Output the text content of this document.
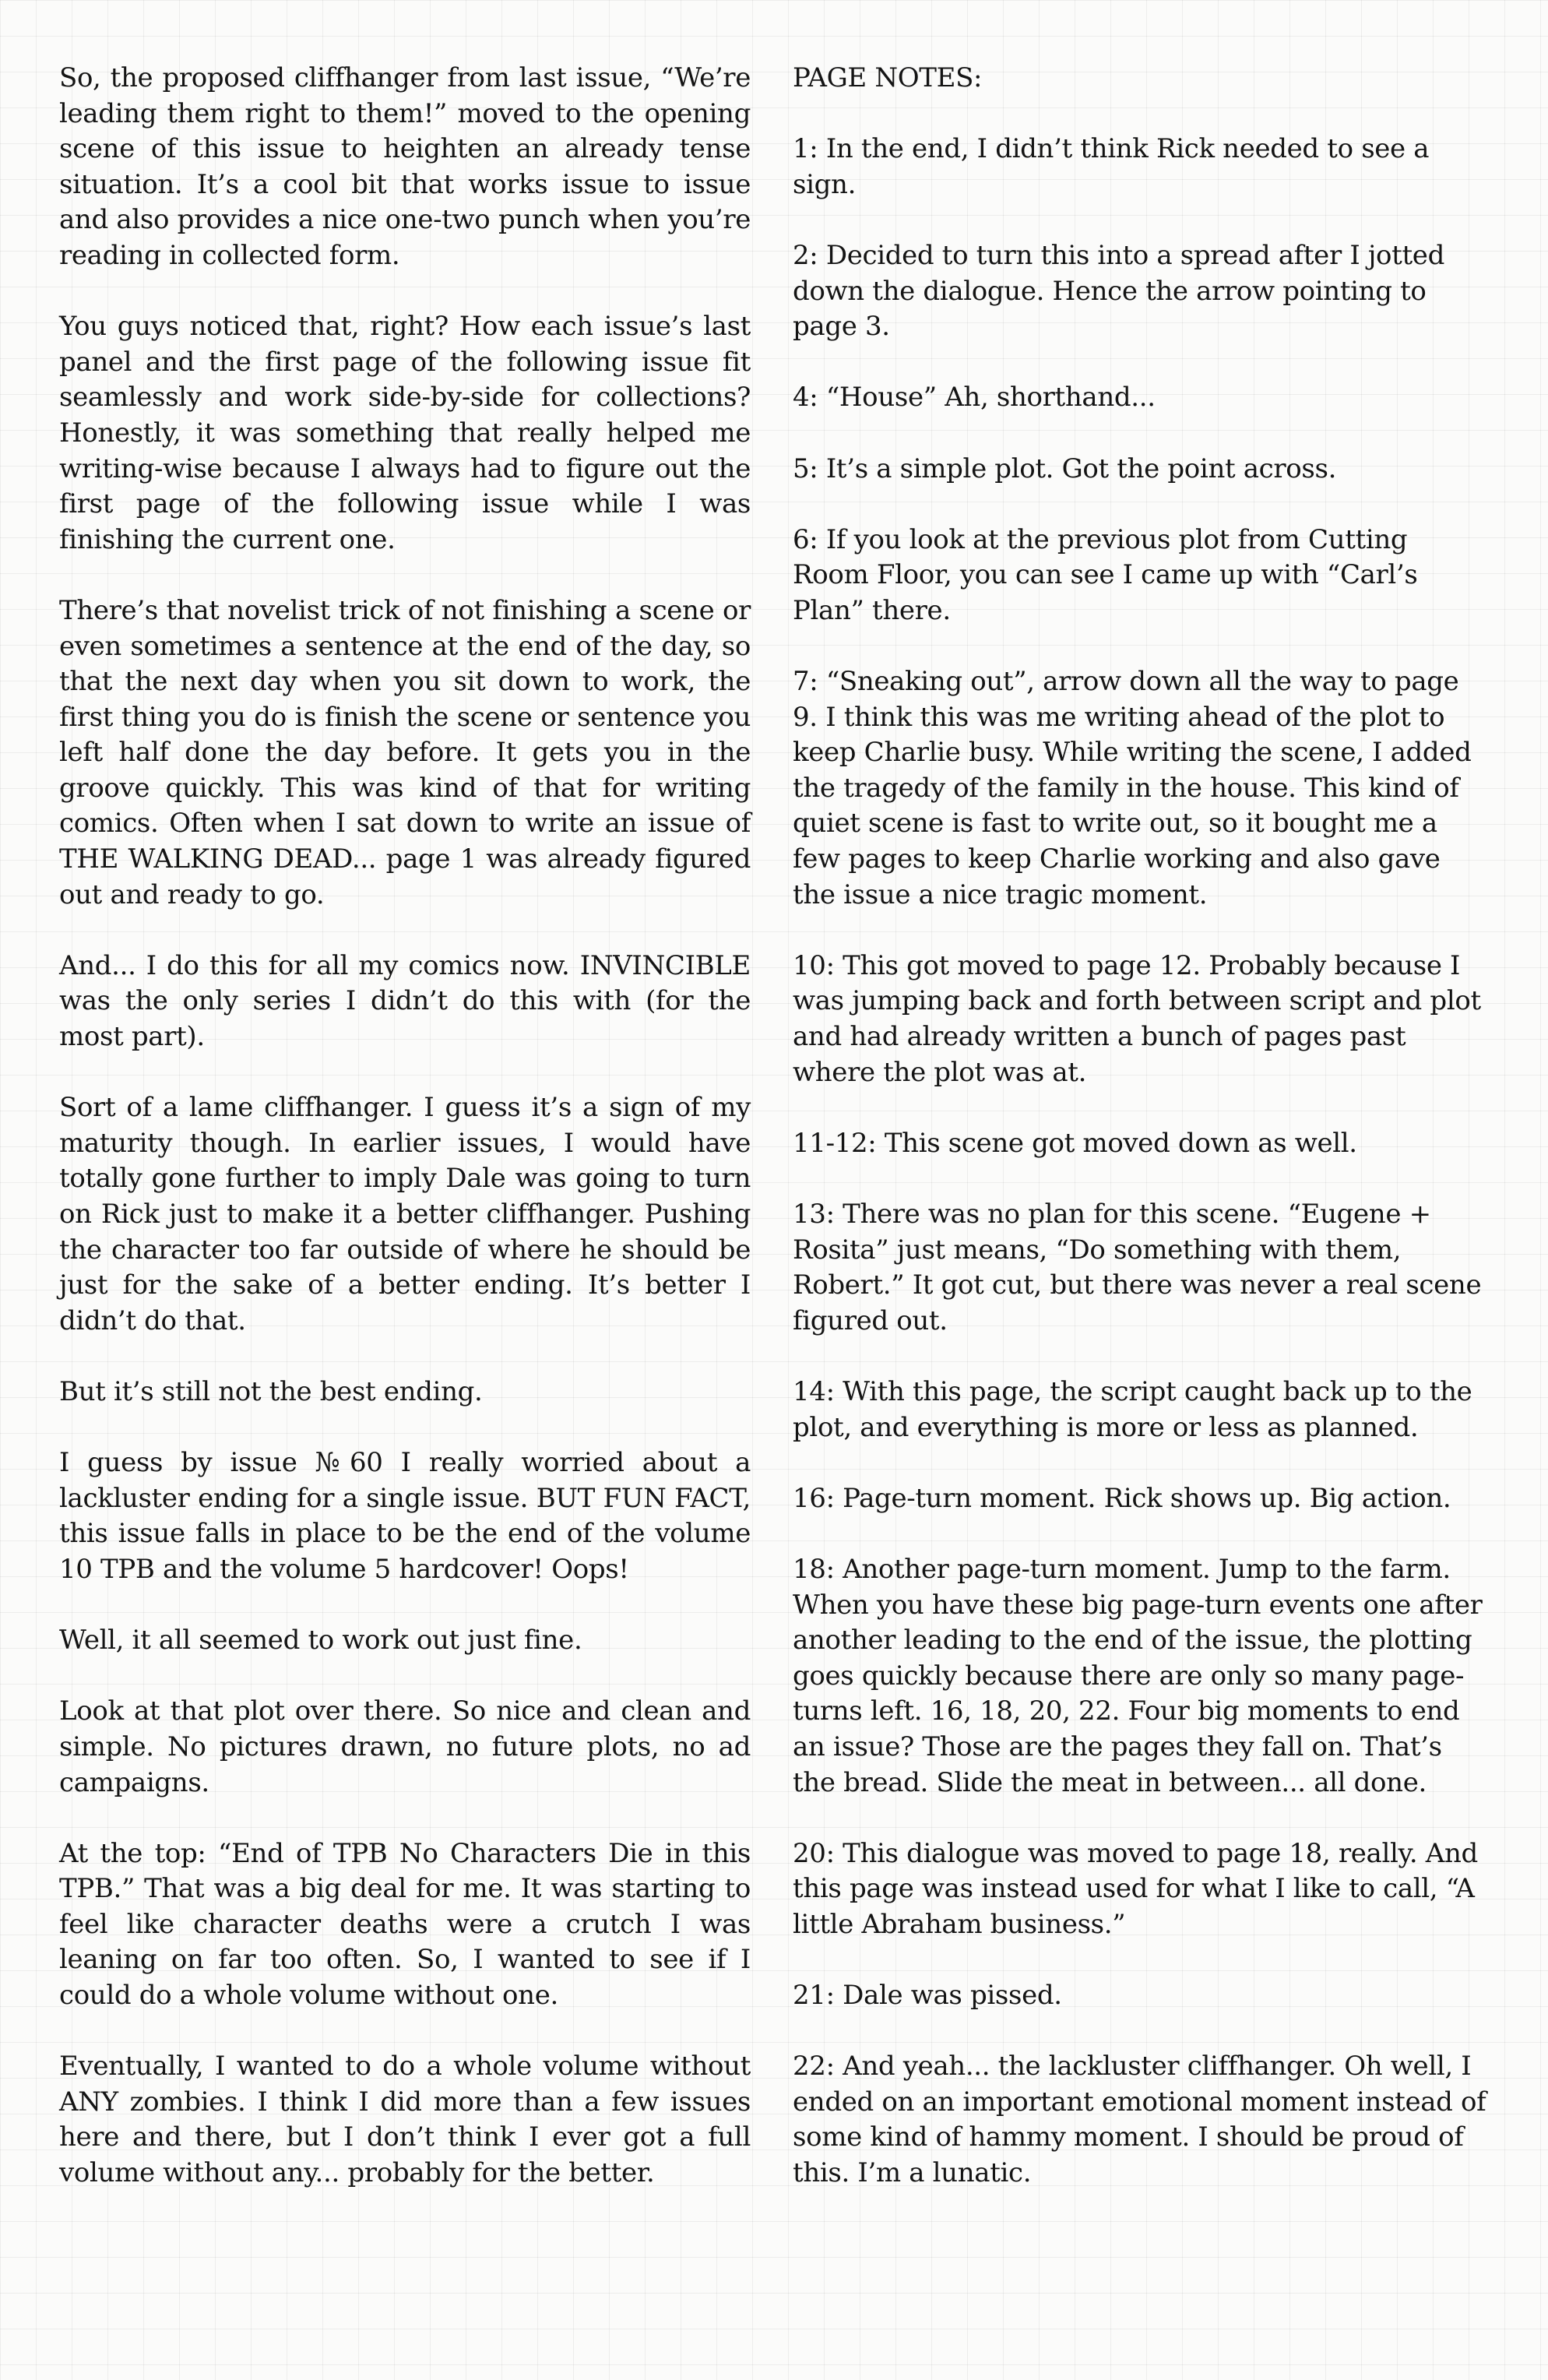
So, the proposed cliffhanger from last issue, “We’re leading them right to them!” moved to the opening scene of this issue to heighten an already tense situation. It’s a cool bit that works issue to issue and also provides a nice one-two punch when you’re reading in collected form.

You guys noticed that, right? How each issue’s last panel and the first page of the following issue fit seamlessly and work side-by-side for collections? Honestly, it was something that really helped me writing-wise because I always had to figure out the first page of the following issue while I was finishing the current one.

There’s that novelist trick of not finishing a scene or even sometimes a sentence at the end of the day, so that the next day when you sit down to work, the first thing you do is finish the scene or sentence you left half done the day before. It gets you in the groove quickly. This was kind of that for writing comics. Often when I sat down to write an issue of THE WALKING DEAD... page 1 was already figured out and ready to go.

And... I do this for all my comics now. INVINCIBLE was the only series I didn’t do this with (for the most part).

Sort of a lame cliffhanger. I guess it’s a sign of my maturity though. In earlier issues, I would have totally gone further to imply Dale was going to turn on Rick just to make it a better cliffhanger. Pushing the character too far outside of where he should be just for the sake of a better ending. It’s better I didn’t do that.

But it’s still not the best ending.

I guess by issue №60 I really worried about a lackluster ending for a single issue. BUT FUN FACT, this issue falls in place to be the end of the volume 10 TPB and the volume 5 hardcover! Oops!

Well, it all seemed to work out just fine.

Look at that plot over there. So nice and clean and simple. No pictures drawn, no future plots, no ad campaigns.

At the top: “End of TPB No Characters Die in this TPB.” That was a big deal for me. It was starting to feel like character deaths were a crutch I was leaning on far too often. So, I wanted to see if I could do a whole volume without one.

Eventually, I wanted to do a whole volume without ANY zombies. I think I did more than a few issues here and there, but I don’t think I ever got a full volume without any... probably for the better.

PAGE NOTES:

1: In the end, I didn’t think Rick needed to see a sign.

2: Decided to turn this into a spread after I jotted down the dialogue. Hence the arrow pointing to page 3.

4: “House” Ah, shorthand...

5: It’s a simple plot. Got the point across.

6: If you look at the previous plot from Cutting Room Floor, you can see I came up with “Carl’s Plan” there.

7: “Sneaking out”, arrow down all the way to page 9. I think this was me writing ahead of the plot to keep Charlie busy. While writing the scene, I added the tragedy of the family in the house. This kind of quiet scene is fast to write out, so it bought me a few pages to keep Charlie working and also gave the issue a nice tragic moment.

10: This got moved to page 12. Probably because I was jumping back and forth between script and plot and had already written a bunch of pages past where the plot was at.

11-12: This scene got moved down as well.

13: There was no plan for this scene. “Eugene + Rosita” just means, “Do something with them, Robert.” It got cut, but there was never a real scene figured out.

14: With this page, the script caught back up to the plot, and everything is more or less as planned.

16: Page-turn moment. Rick shows up. Big action.

18: Another page-turn moment. Jump to the farm. When you have these big page-turn events one after another leading to the end of the issue, the plotting goes quickly because there are only so many page-turns left. 16, 18, 20, 22. Four big moments to end an issue? Those are the pages they fall on. That’s the bread. Slide the meat in between... all done.

20: This dialogue was moved to page 18, really. And this page was instead used for what I like to call, “A little Abraham business.”

21: Dale was pissed.

22: And yeah... the lackluster cliffhanger. Oh well, I ended on an important emotional moment instead of some kind of hammy moment. I should be proud of this. I’m a lunatic.
